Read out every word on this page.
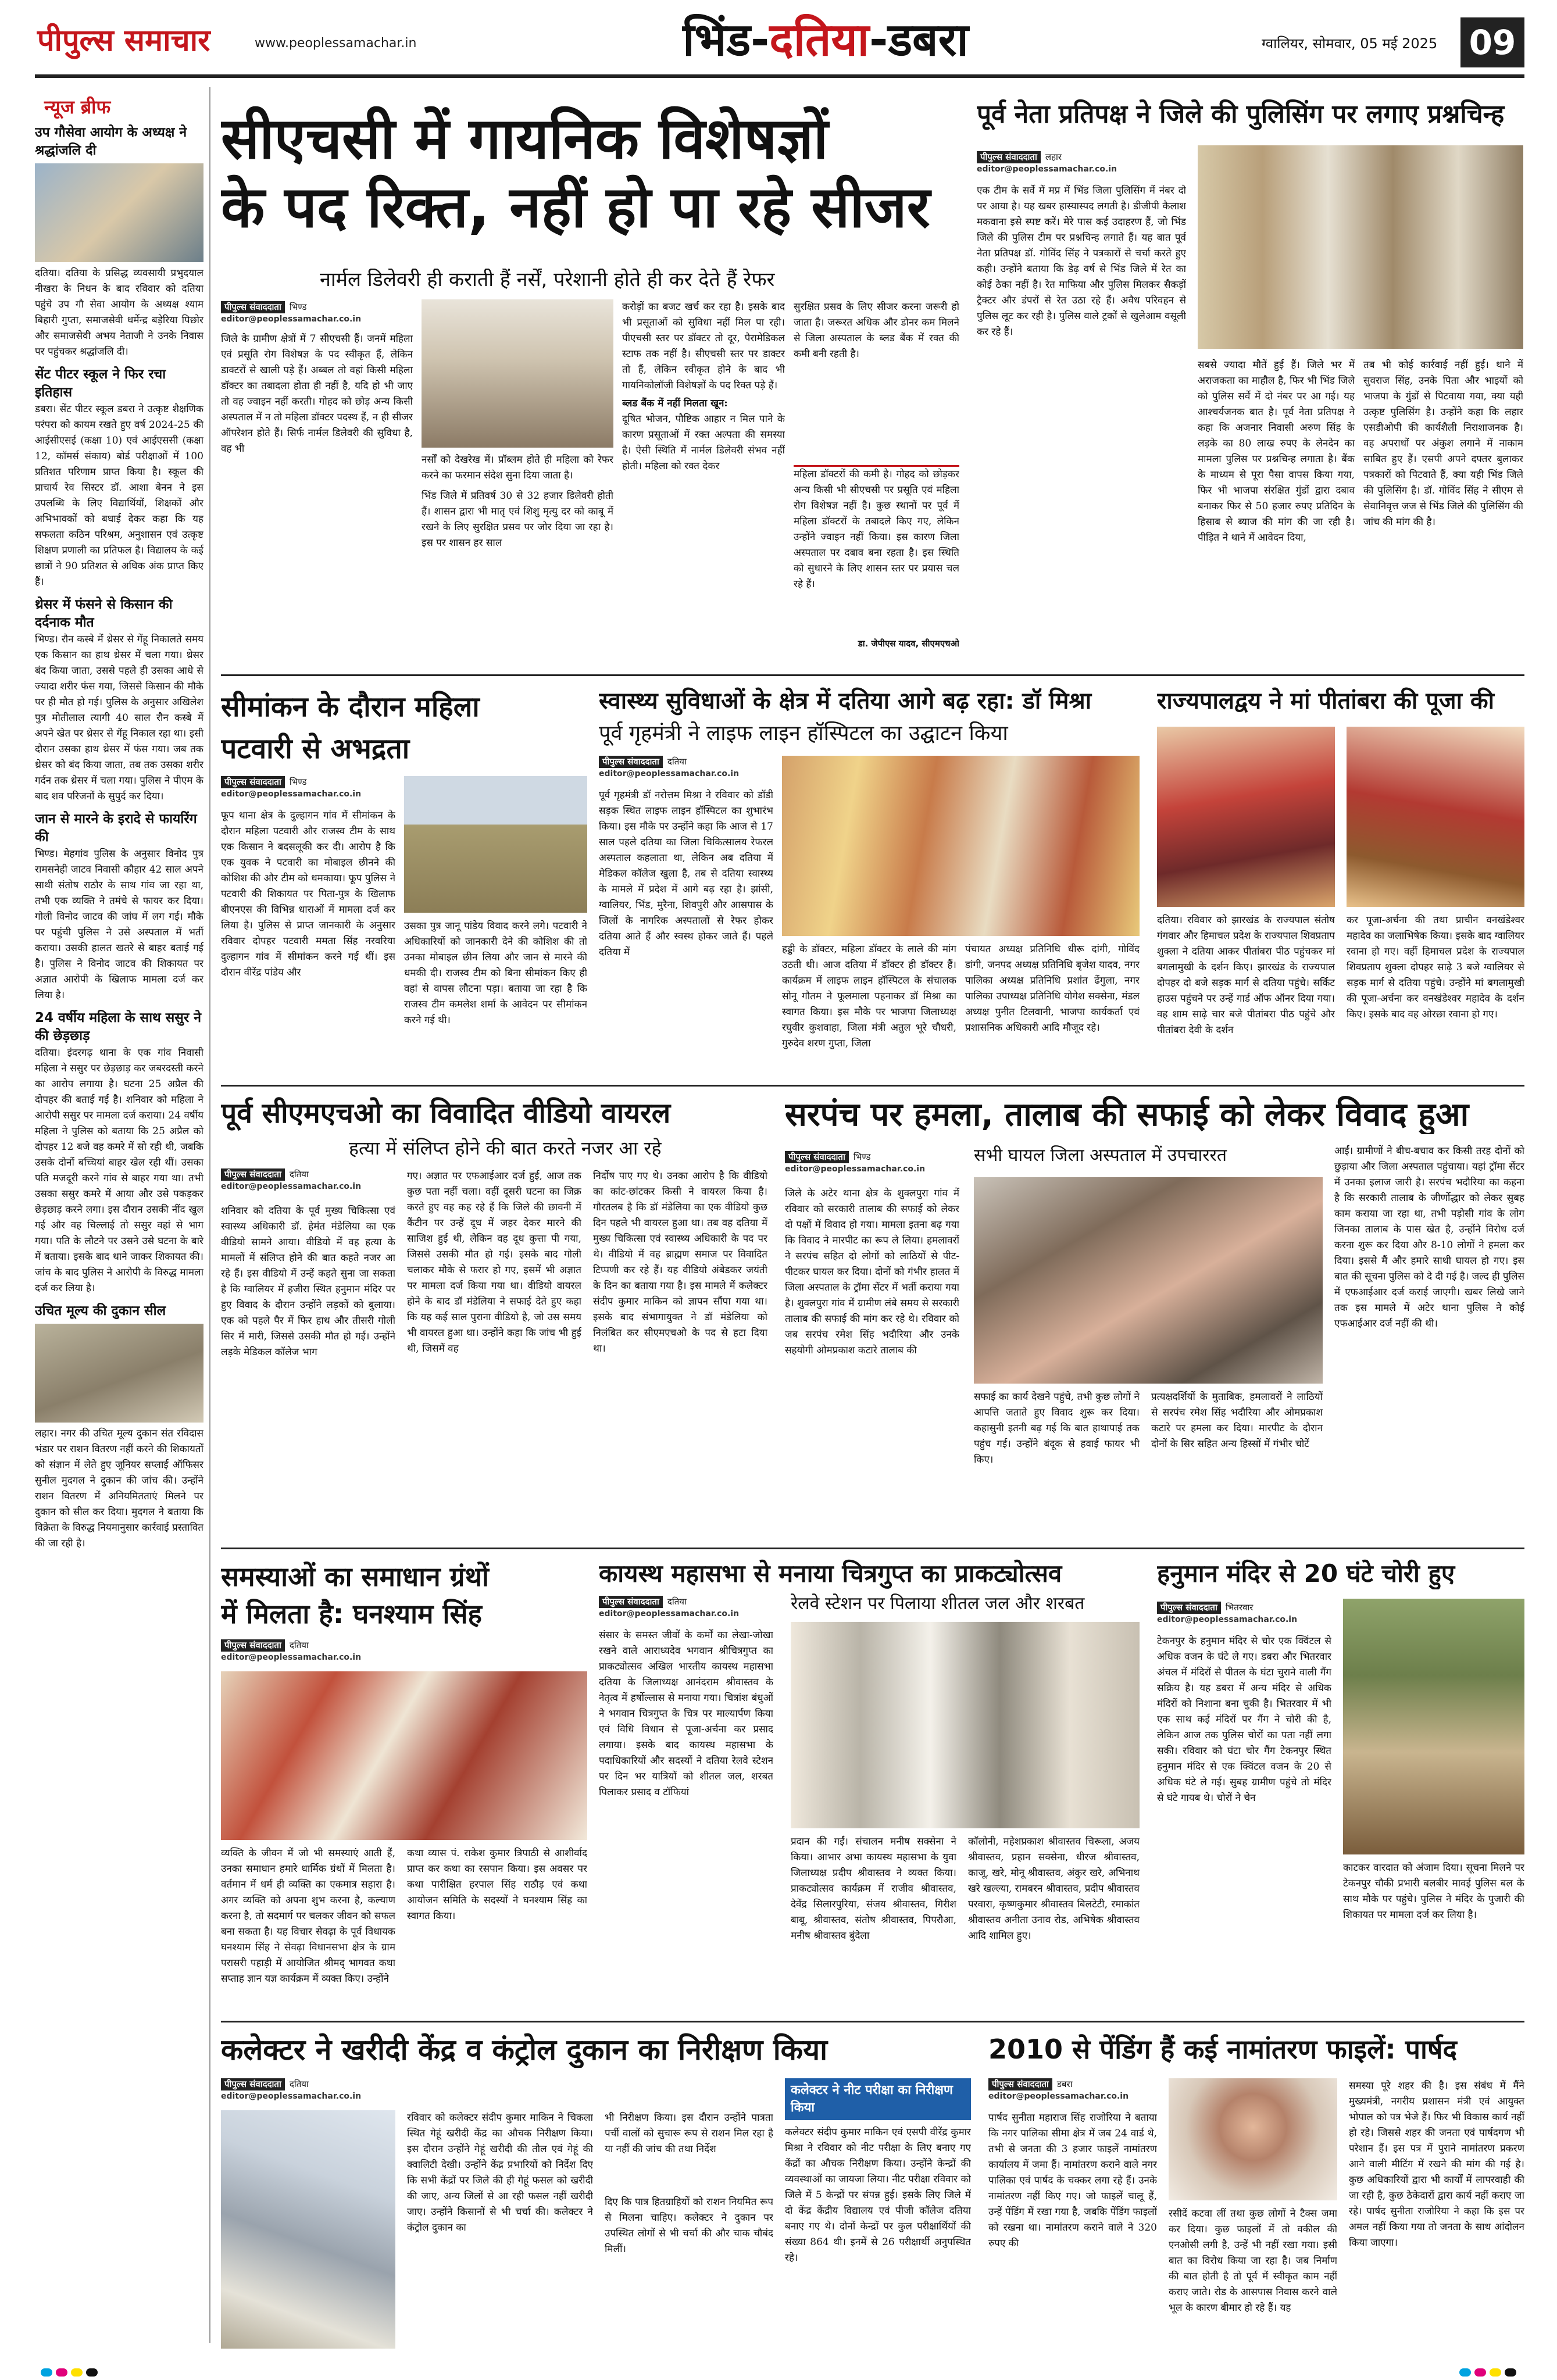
पीपुल्स समाचार	www.peoplessamachar.in	भिंड-दतिया-डबरा	ग्वालियर, सोमवार, 05 मई 2025 09
न्यूज ब्रीफ
उप गौसेवा आयोग के अध्यक्ष ने श्रद्धांजलि दी
दतिया। दतिया के प्रसिद्ध व्यवसायी प्रभुदयाल नीखरा के निधन के बाद रविवार को दतिया पहुंचे उप गौ सेवा आयोग के अध्यक्ष श्याम बिहारी गुप्ता, समाजसेवी धर्मेन्द्र बड़ेरिया पिछोर और समाजसेवी अभय नेताजी ने उनके निवास पर पहुंचकर श्रद्धांजलि दी।
सेंट पीटर स्कूल ने फिर रचा इतिहास
डबरा। सेंट पीटर स्कूल डबरा ने उत्कृष्ट शैक्षणिक परंपरा को कायम रखते हुए वर्ष 2024-25 की आईसीएसई (कक्षा 10) एवं आईएससी (कक्षा 12, कॉमर्स संकाय) बोर्ड परीक्षाओं में 100 प्रतिशत परिणाम प्राप्त किया है। स्कूल की प्राचार्य रेव सिस्टर डॉ. आशा बेनन ने इस उपलब्धि के लिए विद्यार्थियों, शिक्षकों और अभिभावकों को बधाई देकर कहा कि यह सफलता कठिन परिश्रम, अनुशासन एवं उत्कृष्ट शिक्षण प्रणाली का प्रतिफल है। विद्यालय के कई छात्रों ने 90 प्रतिशत से अधिक अंक प्राप्त किए हैं।
थ्रेसर में फंसने से किसान की दर्दनाक मौत
भिण्ड। रौन कस्बे में थ्रेसर से गेंहू निकालते समय एक किसान का हाथ थ्रेसर में चला गया। थ्रेसर बंद किया जाता, उससे पहले ही उसका आधे से ज्यादा शरीर फंस गया, जिससे किसान की मौके पर ही मौत हो गई। पुलिस के अनुसार अखिलेश पुत्र मोतीलाल त्यागी 40 साल रौन कस्बे में अपने खेत पर थ्रेसर से गेंहू निकाल रहा था। इसी दौरान उसका हाथ थ्रेसर में फंस गया। जब तक थ्रेसर को बंद किया जाता, तब तक उसका शरीर गर्दन तक थ्रेसर में चला गया। पुलिस ने पीएम के बाद शव परिजनों के सुपुर्द कर दिया।
जान से मारने के इरादे से फायरिंग की
भिण्ड। मेहगांव पुलिस के अनुसार विनोद पुत्र रामसनेही जाटव निवासी कौहार 42 साल अपने साथी संतोष राठौर के साथ गांव जा रहा था, तभी एक व्यक्ति ने तमंचे से फायर कर दिया। गोली विनोद जाटव की जांघ में लग गई। मौके पर पहुंची पुलिस ने उसे अस्पताल में भर्ती कराया। उसकी हालत खतरे से बाहर बताई गई है। पुलिस ने विनोद जाटव की शिकायत पर अज्ञात आरोपी के खिलाफ मामला दर्ज कर लिया है।
24 वर्षीय महिला के साथ ससुर ने की छेड़छाड़
दतिया। इंदरगढ़ थाना के एक गांव निवासी महिला ने ससुर पर छेड़छाड़ कर जबरदस्ती करने का आरोप लगाया है। घटना 25 अप्रैल की दोपहर की बताई गई है। शनिवार को महिला ने आरोपी ससुर पर मामला दर्ज कराया। 24 वर्षीय महिला ने पुलिस को बताया कि 25 अप्रैल को दोपहर 12 बजे वह कमरे में सो रही थी, जबकि उसके दोनों बच्चियां बाहर खेल रही थीं। उसका पति मजदूरी करने गांव से बाहर गया था। तभी उसका ससुर कमरे में आया और उसे पकड़कर छेड़छाड़ करने लगा। इस दौरान उसकी नींद खुल गई और वह चिल्लाई तो ससुर वहां से भाग गया। पति के लौटने पर उसने उसे घटना के बारे में बताया। इसके बाद थाने जाकर शिकायत की। जांच के बाद पुलिस ने आरोपी के विरुद्ध मामला दर्ज कर लिया है।
उचित मूल्य की दुकान सील
लहार। नगर की उचित मूल्य दुकान संत रविदास भंडार पर राशन वितरण नहीं करने की शिकायतों को संज्ञान में लेते हुए जूनियर सप्लाई ऑफिसर सुनील मुदगल ने दुकान की जांच की। उन्होंने राशन वितरण में अनियमितताएं मिलने पर दुकान को सील कर दिया। मुदगल ने बताया कि विक्रेता के विरुद्ध नियमानुसार कार्रवाई प्रस्तावित की जा रही है।
सीएचसी में गायनिक विशेषज्ञों
के पद रिक्त, नहीं हो पा रहे सीजर
नार्मल डिलेवरी ही कराती हैं नर्सें, परेशानी होते ही कर देते हैं रेफर
पीपुल्स संवाददाता भिण्ड
editor@peoplessamachar.co.in
जिले के ग्रामीण क्षेत्रों में 7 सीएचसी हैं। जनमें महिला एवं प्रसूति रोग विशेषज्ञ के पद स्वीकृत हैं, लेकिन डाक्टरों से खाली पड़े हैं। अब्बल तो वहां किसी महिला डॉक्टर का तबादला होता ही नहीं है, यदि हो भी जाए तो वह ज्वाइन नहीं करती। गोहद को छोड़ अन्य किसी अस्पताल में न तो महिला डॉक्टर पदस्थ हैं, न ही सीजर ऑपरेशन होते हैं। सिर्फ नार्मल डिलेवरी की सुविधा है, वह भी
नर्सों को देखरेख में। प्रॉब्लम होते ही महिला को रेफर करने का फरमान संदेश सुना दिया जाता है।
भिंड जिले में प्रतिवर्ष 30 से 32 हजार डिलेवरी होती हैं। शासन द्वारा भी मातृ एवं शिशु मृत्यु दर को काबू में रखने के लिए सुरक्षित प्रसव पर जोर दिया जा रहा है। इस पर शासन हर साल
करोड़ों का बजट खर्च कर रहा है। इसके बाद भी प्रसूताओं को सुविधा नहीं मिल पा रही। पीएचसी स्तर पर डॉक्टर तो दूर, पैरामेडिकल स्टाफ तक नहीं है। सीएचसी स्तर पर डाक्टर तो हैं, लेकिन स्वीकृत होने के बाद भी गायनिकोलॉजी विशेषज्ञों के पद रिक्त पड़े हैं।
ब्लड बैंक में नहीं मिलता खून:
दूषित भोजन, पौष्टिक आहार न मिल पाने के कारण प्रसूताओं में रक्त अल्पता की समस्या है। ऐसी स्थिति में नार्मल डिलेवरी संभव नहीं होती। महिला को रक्त देकर
सुरक्षित प्रसव के लिए सीजर करना जरूरी हो जाता है। जरूरत अधिक और डोनर कम मिलने से जिला अस्पताल के ब्लड बैंक में रक्त की कमी बनी रहती है।
महिला डॉक्टरों की कमी है। गोहद को छोड़कर अन्य किसी भी सीएचसी पर प्रसूति एवं महिला रोग विशेषज्ञ नहीं है। कुछ स्थानों पर पूर्व में महिला डॉक्टरों के तबादले किए गए, लेकिन उन्होंने ज्वाइन नहीं किया। इस कारण जिला अस्पताल पर दबाव बना रहता है। इस स्थिति को सुधारने के लिए शासन स्तर पर प्रयास चल रहे हैं।
डा. जेपीएस यादव, सीएमएचओ
पूर्व नेता प्रतिपक्ष ने जिले की पुलिसिंग पर लगाए प्रश्नचिन्ह
पीपुल्स संवाददाता लहार
editor@peoplessamachar.co.in
एक टीम के सर्वे में मप्र में भिंड जिला पुलिसिंग में नंबर दो पर आया है। यह खबर हास्यास्पद लगती है। डीजीपी कैलाश मकवाना इसे स्पष्ट करें। मेरे पास कई उदाहरण हैं, जो भिंड जिले की पुलिस टीम पर प्रश्नचिन्ह लगाते हैं। यह बात पूर्व नेता प्रतिपक्ष डॉ. गोविंद सिंह ने पत्रकारों से चर्चा करते हुए कही। उन्होंने बताया कि डेढ़ वर्ष से भिंड जिले में रेत का कोई ठेका नहीं है। रेत माफिया और पुलिस मिलकर सैकड़ों ट्रैक्टर और डंपरों से रेत उठा रहे हैं। अवैध परिवहन से पुलिस लूट कर रही है। पुलिस वाले ट्रकों से खुलेआम वसूली कर रहे हैं।
सबसे ज्यादा मौतें हुई हैं। जिले भर में अराजकता का माहौल है, फिर भी भिंड जिले को पुलिस सर्वे में दो नंबर पर आ गई। यह आश्चर्यजनक बात है। पूर्व नेता प्रतिपक्ष ने कहा कि अजनार निवासी अरुण सिंह के लड़के का 80 लाख रुपए के लेनदेन का मामला पुलिस पर प्रश्नचिन्ह लगाता है। बैंक के माध्यम से पूरा पैसा वापस किया गया, फिर भी भाजपा संरक्षित गुंडों द्वारा दबाव बनाकर फिर से 50 हजार रुपए प्रतिदिन के हिसाब से ब्याज की मांग की जा रही है। पीड़ित ने थाने में आवेदन दिया,
तब भी कोई कार्रवाई नहीं हुई। थाने में सुवराज सिंह, उनके पिता और भाइयों को भाजपा के गुंडों से पिटवाया गया, क्या यही उत्कृष्ट पुलिसिंग है। उन्होंने कहा कि लहार एसडीओपी की कार्यशैली निराशाजनक है। वह अपराधों पर अंकुश लगाने में नाकाम साबित हुए हैं। एसपी अपने दफ्तर बुलाकर पत्रकारों को पिटवाते हैं, क्या यही भिंड जिले की पुलिसिंग है। डॉ. गोविंद सिंह ने सीएम से सेवानिवृत्त जज से भिंड जिले की पुलिसिंग की जांच की मांग की है।
सीमांकन के दौरान महिला
पटवारी से अभद्रता
पीपुल्स संवाददाता भिण्ड
editor@peoplessamachar.co.in
फूप थाना क्षेत्र के दुल्हागन गांव में सीमांकन के दौरान महिला पटवारी और राजस्व टीम के साथ एक किसान ने बदसलूकी कर दी। आरोप है कि एक युवक ने पटवारी का मोबाइल छीनने की कोशिश की और टीम को धमकाया। फूप पुलिस ने पटवारी की शिकायत पर पिता-पुत्र के खिलाफ बीएनएस की विभिन्न धाराओं में मामला दर्ज कर लिया है। पुलिस से प्राप्त जानकारी के अनुसार रविवार दोपहर पटवारी ममता सिंह नरवरिया दुल्हागन गांव में सीमांकन करने गई थीं। इस दौरान वीरेंद्र पांडेय और
उसका पुत्र जानू पांडेय विवाद करने लगे। पटवारी ने अधिकारियों को जानकारी देने की कोशिश की तो उनका मोबाइल छीन लिया और जान से मारने की धमकी दी। राजस्व टीम को बिना सीमांकन किए ही वहां से वापस लौटना पड़ा। बताया जा रहा है कि राजस्व टीम कमलेश शर्मा के आवेदन पर सीमांकन करने गई थी।
स्वास्थ्य सुविधाओं के क्षेत्र में दतिया आगे बढ़ रहा: डॉ मिश्रा
पूर्व गृहमंत्री ने लाइफ लाइन हॉस्पिटल का उद्घाटन किया
पीपुल्स संवाददाता दतिया
editor@peoplessamachar.co.in
पूर्व गृहमंत्री डॉ नरोत्तम मिश्रा ने रविवार को डॉडी सड़क स्थित लाइफ लाइन हॉस्पिटल का शुभारंभ किया। इस मौके पर उन्होंने कहा कि आज से 17 साल पहले दतिया का जिला चिकित्सालय रेफरल अस्पताल कहलाता था, लेकिन अब दतिया में मेडिकल कॉलेज खुला है, तब से दतिया स्वास्थ्य के मामले में प्रदेश में आगे बढ़ रहा है। झांसी, ग्वालियर, भिंड, मुरैना, शिवपुरी और आसपास के जिलों के नागरिक अस्पतालों से रेफर होकर दतिया आते हैं और स्वस्थ होकर जाते हैं। पहले दतिया में	हड्डी के डॉक्टर, महिला डॉक्टर के लाले की मांग उठती थी। आज दतिया में डॉक्टर ही डॉक्टर हैं। कार्यक्रम में लाइफ लाइन हॉस्पिटल के संचालक सोनू गौतम ने फूलमाला पहनाकर डॉ मिश्रा का स्वागत किया। इस मौके पर भाजपा जिलाध्यक्ष रघुवीर कुशवाहा, जिला मंत्री अतुल भूरे चौधरी, गुरुदेव शरण गुप्ता, जिला
पंचायत अध्यक्ष प्रतिनिधि धीरू दांगी, गोविंद डांगी, जनपद अध्यक्ष प्रतिनिधि बृजेश यादव, नगर पालिका अध्यक्ष प्रतिनिधि प्रशांत ढेंगुला, नगर पालिका उपाध्यक्ष प्रतिनिधि योगेश सक्सेना, मंडल अध्यक्ष पुनीत टिलवानी, भाजपा कार्यकर्ता एवं प्रशासनिक अधिकारी आदि मौजूद रहे।
राज्यपालद्वय ने मां पीतांबरा की पूजा की
दतिया। रविवार को झारखंड के राज्यपाल संतोष गंगवार और हिमाचल प्रदेश के राज्यपाल शिवप्रताप शुक्ला ने दतिया आकर पीतांबरा पीठ पहुंचकर मां बगलामुखी के दर्शन किए। झारखंड के राज्यपाल दोपहर दो बजे सड़क मार्ग से दतिया पहुंचे। सर्किट हाउस पहुंचने पर उन्हें गार्ड ऑफ ऑनर दिया गया। वह शाम साढ़े चार बजे पीतांबरा पीठ पहुंचे और पीतांबरा देवी के दर्शन
कर पूजा-अर्चना की तथा प्राचीन वनखंडेश्वर महादेव का जलाभिषेक किया। इसके बाद ग्वालियर रवाना हो गए। वहीं हिमाचल प्रदेश के राज्यपाल शिवप्रताप शुक्ला दोपहर साढ़े 3 बजे ग्वालियर से सड़क मार्ग से दतिया पहुंचे। उन्होंने मां बगलामुखी की पूजा-अर्चना कर वनखंडेश्वर महादेव के दर्शन किए। इसके बाद वह ओरछा रवाना हो गए।
पूर्व सीएमएचओ का विवादित वीडियो वायरल
हत्या में संलिप्त होने की बात करते नजर आ रहे
पीपुल्स संवाददाता दतिया
editor@peoplessamachar.co.in
शनिवार को दतिया के पूर्व मुख्य चिकित्सा एवं स्वास्थ्य अधिकारी डॉ. हेमंत मंडेलिया का एक वीडियो सामने आया। वीडियो में वह हत्या के मामलों में संलिप्त होने की बात कहते नजर आ रहे हैं। इस वीडियो में उन्हें कहते सुना जा सकता है कि ग्वालियर में हजीरा स्थित हनुमान मंदिर पर हुए विवाद के दौरान उन्होंने लड़कों को बुलाया। एक को पहले पैर में फिर हाथ और तीसरी गोली सिर में मारी, जिससे उसकी मौत हो गई। उन्होंने लड़के मेडिकल कॉलेज भाग
गए। अज्ञात पर एफआईआर दर्ज हुई, आज तक कुछ पता नहीं चला। वहीं दूसरी घटना का जिक्र करते हुए वह कह रहे हैं कि जिले की छावनी में कैंटीन पर उन्हें दूध में जहर देकर मारने की साजिश हुई थी, लेकिन वह दूध कुत्ता पी गया, जिससे उसकी मौत हो गई। इसके बाद गोली चलाकर मौके से फरार हो गए, इसमें भी अज्ञात पर मामला दर्ज किया गया था। वीडियो वायरल होने के बाद डॉ मंडेलिया ने सफाई देते हुए कहा कि यह कई साल पुराना वीडियो है, जो उस समय भी वायरल हुआ था। उन्होंने कहा कि जांच भी हुई थी, जिसमें वह
निर्दोष पाए गए थे। उनका आरोप है कि वीडियो का कांट-छांटकर किसी ने वायरल किया है। गौरतलब है कि डॉ मंडेलिया का एक वीडियो कुछ दिन पहले भी वायरल हुआ था। तब वह दतिया में मुख्य चिकित्सा एवं स्वास्थ्य अधिकारी के पद पर थे। वीडियो में वह ब्राह्मण समाज पर विवादित टिप्पणी कर रहे हैं। यह वीडियो अंबेडकर जयंती के दिन का बताया गया है। इस मामले में कलेक्टर संदीप कुमार माकिन को ज्ञापन सौंपा गया था। इसके बाद संभागायुक्त ने डॉ मंडेलिया को निलंबित कर सीएमएचओ के पद से हटा दिया था।
सरपंच पर हमला, तालाब की सफाई को लेकर विवाद हुआ
पीपुल्स संवाददाता भिण्ड
editor@peoplessamachar.co.in
जिले के अटेर थाना क्षेत्र के शुक्लपुरा गांव में रविवार को सरकारी तालाब की सफाई को लेकर दो पक्षों में विवाद हो गया। मामला इतना बढ़ गया कि विवाद ने मारपीट का रूप ले लिया। हमलावरों ने सरपंच सहित दो लोगों को लाठियों से पीट-पीटकर घायल कर दिया। दोनों को गंभीर हालत में जिला अस्पताल के ट्रॉमा सेंटर में भर्ती कराया गया है। शुक्लपुरा गांव में ग्रामीण लंबे समय से सरकारी तालाब की सफाई की मांग कर रहे थे। रविवार को जब सरपंच रमेश सिंह भदौरिया और उनके सहयोगी ओमप्रकाश कटारे तालाब की
सभी घायल जिला अस्पताल में उपचाररत
सफाई का कार्य देखने पहुंचे, तभी कुछ लोगों ने आपत्ति जताते हुए विवाद शुरू कर दिया। कहासुनी इतनी बढ़ गई कि बात हाथापाई तक पहुंच गई। उन्होंने बंदूक से हवाई फायर भी किए।
प्रत्यक्षदर्शियों के मुताबिक, हमलावरों ने लाठियों से सरपंच रमेश सिंह भदौरिया और ओमप्रकाश कटारे पर हमला कर दिया। मारपीट के दौरान दोनों के सिर सहित अन्य हिस्सों में गंभीर चोटें
आईं। ग्रामीणों ने बीच-बचाव कर किसी तरह दोनों को छुड़ाया और जिला अस्पताल पहुंचाया। यहां ट्रॉमा सेंटर में उनका इलाज जारी है। सरपंच भदौरिया का कहना है कि सरकारी तालाब के जीर्णोद्धार को लेकर सुबह काम कराया जा रहा था, तभी पड़ोसी गांव के लोग जिनका तालाब के पास खेत है, उन्होंने विरोध दर्ज करना शुरू कर दिया और 8-10 लोगों ने हमला कर दिया। इससे मैं और हमारे साथी घायल हो गए। इस बात की सूचना पुलिस को दे दी गई है। जल्द ही पुलिस में एफआईआर दर्ज कराई जाएगी। खबर लिखे जाने तक इस मामले में अटेर थाना पुलिस ने कोई एफआईआर दर्ज नहीं की थी।
समस्याओं का समाधान ग्रंथों
में मिलता है: घनश्याम सिंह
पीपुल्स संवाददाता दतिया
editor@peoplessamachar.co.in
व्यक्ति के जीवन में जो भी समस्याएं आती हैं, उनका समाधान हमारे धार्मिक ग्रंथों में मिलता है। वर्तमान में धर्म ही व्यक्ति का एकमात्र सहारा है। अगर व्यक्ति को अपना शुभ करना है, कल्याण करना है, तो सदमार्ग पर चलकर जीवन को सफल बना सकता है। यह विचार सेवढ़ा के पूर्व विधायक घनश्याम सिंह ने सेवढ़ा विधानसभा क्षेत्र के ग्राम परासरी पहाड़ी में आयोजित श्रीमद् भागवत कथा सप्ताह ज्ञान यज्ञ कार्यक्रम में व्यक्त किए। उन्होंने
कथा व्यास पं. राकेश कुमार त्रिपाठी से आशीर्वाद प्राप्त कर कथा का रसपान किया। इस अवसर पर कथा पारीक्षित हरपाल सिंह राठौड़ एवं कथा आयोजन समिति के सदस्यों ने घनश्याम सिंह का स्वागत किया।
कायस्थ महासभा से मनाया चित्रगुप्त का प्राकट्योत्सव
रेलवे स्टेशन पर पिलाया शीतल जल और शरबत
पीपुल्स संवाददाता दतिया
editor@peoplessamachar.co.in
संसार के समस्त जीवों के कर्मों का लेखा-जोखा रखने वाले आराध्यदेव भगवान श्रीचित्रगुप्त का प्राकट्योत्सव अखिल भारतीय कायस्थ महासभा दतिया के जिलाध्यक्ष आनंदराम श्रीवास्तव के नेतृत्व में हर्षोल्लास से मनाया गया। चित्रांश बंधुओं ने भगवान चित्रगुप्त के चित्र पर माल्यार्पण किया एवं विधि विधान से पूजा-अर्चना कर प्रसाद लगाया। इसके बाद कायस्थ महासभा के पदाधिकारियों और सदस्यों ने दतिया रेलवे स्टेशन पर दिन भर यात्रियों को शीतल जल, शरबत पिलाकर प्रसाद व टॉफियां
प्रदान की गईं। संचालन मनीष सक्सेना ने किया। आभार अभा कायस्थ महासभा के युवा जिलाध्यक्ष प्रदीप श्रीवास्तव ने व्यक्त किया। प्राकट्योत्सव कार्यक्रम में राजीव श्रीवास्तव, देवेंद्र सिलारपुरिया, संजय श्रीवास्तव, गिरीश बाबू, श्रीवास्तव, संतोष श्रीवास्तव, पिपरौआ, मनीष श्रीवास्तव बुंदेला
कॉलोनी, महेशप्रकाश श्रीवास्तव चिरूला, अजय श्रीवास्तव, प्रहान सक्सेना, धीरज श्रीवास्तव, काजू, खरे, मोनू श्रीवास्तव, अंकुर खरे, अभिनाथ खरे खल्ल्या, रामबरन श्रीवास्तव, प्रदीप श्रीवास्तव परवारा, कृष्णकुमार श्रीवास्तव बिलटेटी, रमाकांत श्रीवास्तव अनीता उनाव रोड, अभिषेक श्रीवास्तव आदि शामिल हुए।
हनुमान मंदिर से 20 घंटे चोरी हुए
पीपुल्स संवाददाता भितरवार
editor@peoplessamachar.co.in
टेकनपुर के हनुमान मंदिर से चोर एक क्विंटल से अधिक वजन के घंटे ले गए। डबरा और भितरवार अंचल में मंदिरों से पीतल के घंटा चुराने वाली गैंग सक्रिय है। यह डबरा में अन्य मंदिर से अधिक मंदिरों को निशाना बना चुकी है। भितरवार में भी एक साथ कई मंदिरों पर गैंग ने चोरी की है, लेकिन आज तक पुलिस चोरों का पता नहीं लगा सकी। रविवार को घंटा चोर गैंग टेकनपुर स्थित हनुमान मंदिर से एक क्विंटल वजन के 20 से अधिक घंटे ले गई। सुबह ग्रामीण पहुंचे तो मंदिर से घंटे गायब थे। चोरों ने चेन
काटकर वारदात को अंजाम दिया। सूचना मिलने पर टेकनपुर चौकी प्रभारी बलबीर मावई पुलिस बल के साथ मौके पर पहुंचे। पुलिस ने मंदिर के पुजारी की शिकायत पर मामला दर्ज कर लिया है।
कलेक्टर ने खरीदी केंद्र व कंट्रोल दुकान का निरीक्षण किया
पीपुल्स संवाददाता दतिया
editor@peoplessamachar.co.in
रविवार को कलेक्टर संदीप कुमार माकिन ने चिकला स्थित गेहूं खरीदी केंद्र का औचक निरीक्षण किया। इस दौरान उन्होंने गेहूं खरीदी की तौल एवं गेहूं की क्वालिटी देखी। उन्होंने केंद्र प्रभारियों को निर्देश दिए कि सभी केंद्रों पर जिले की ही गेहूं फसल को खरीदी की जाए, अन्य जिलों से आ रही फसल नहीं खरीदी जाए। उन्होंने किसानों से भी चर्चा की। कलेक्टर ने कंट्रोल दुकान का
भी निरीक्षण किया। इस दौरान उन्होंने पात्रता पर्ची वालों को सुचारू रूप से राशन मिल रहा है या नहीं की जांच की तथा निर्देश
दिए कि पात्र हितग्राहियों को राशन नियमित रूप से मिलना चाहिए। कलेक्टर ने दुकान पर उपस्थित लोगों से भी चर्चा की और चाक चौबंद मिलीं।
कलेक्टर ने नीट परीक्षा का निरीक्षण किया
कलेक्टर संदीप कुमार माकिन एवं एसपी वीरेंद्र कुमार मिश्रा ने रविवार को नीट परीक्षा के लिए बनाए गए केंद्रों का औचक निरीक्षण किया। उन्होंने केन्द्रों की व्यवस्थाओं का जायजा लिया। नीट परीक्षा रविवार को जिले में 5 केन्द्रों पर संपन्न हुई। इसके लिए जिले में दो केंद्र केंद्रीय विद्यालय एवं पीजी कॉलेज दतिया बनाए गए थे। दोनों केन्द्रों पर कुल परीक्षार्थियों की संख्या 864 थी। इनमें से 26 परीक्षार्थी अनुपस्थित रहे।
2010 से पेंडिंग हैं कई नामांतरण फाइलें: पार्षद
पीपुल्स संवाददाता डबरा
editor@peoplessamachar.co.in
पार्षद सुनीता महाराज सिंह राजोरिया ने बताया कि नगर पालिका सीमा क्षेत्र में जब 24 वार्ड थे, तभी से जनता की 3 हजार फाइलें नामांतरण कार्यालय में जमा हैं। नामांतरण कराने वाले नगर पालिका एवं पार्षद के चक्कर लगा रहे हैं। उनके नामांतरण नहीं किए गए। जो फाइलें चालू हैं, उन्हें पेंडिंग में रखा गया है, जबकि पेंडिंग फाइलों को रखना था। नामांतरण कराने वाले ने 320 रुपए की
रसीदें कटवा लीं तथा कुछ लोगों ने टैक्स जमा कर दिया। कुछ फाइलों में तो वकील की एनओसी लगी है, उन्हें भी नहीं रखा गया। इसी बात का विरोध किया जा रहा है। जब निर्माण की बात होती है तो पूर्व में स्वीकृत काम नहीं कराए जाते। रोड के आसपास निवास करने वाले भूल के कारण बीमार हो रहे हैं। यह
समस्या पूरे शहर की है। इस संबंध में मैंने मुख्यमंत्री, नगरीय प्रशासन मंत्री एवं आयुक्त भोपाल को पत्र भेजे हैं। फिर भी विकास कार्य नहीं हो रहे। जिससे शहर की जनता एवं पार्षदगण भी परेशान हैं। इस पत्र में पुराने नामांतरण प्रकरण आने वाली मीटिंग में रखने की मांग की गई है। कुछ अधिकारियों द्वारा भी कार्यों में लापरवाही की जा रही है, कुछ ठेकेदारों द्वारा कार्य नहीं कराए जा रहे। पार्षद सुनीता राजोरिया ने कहा कि इस पर अमल नहीं किया गया तो जनता के साथ आंदोलन किया जाएगा।
